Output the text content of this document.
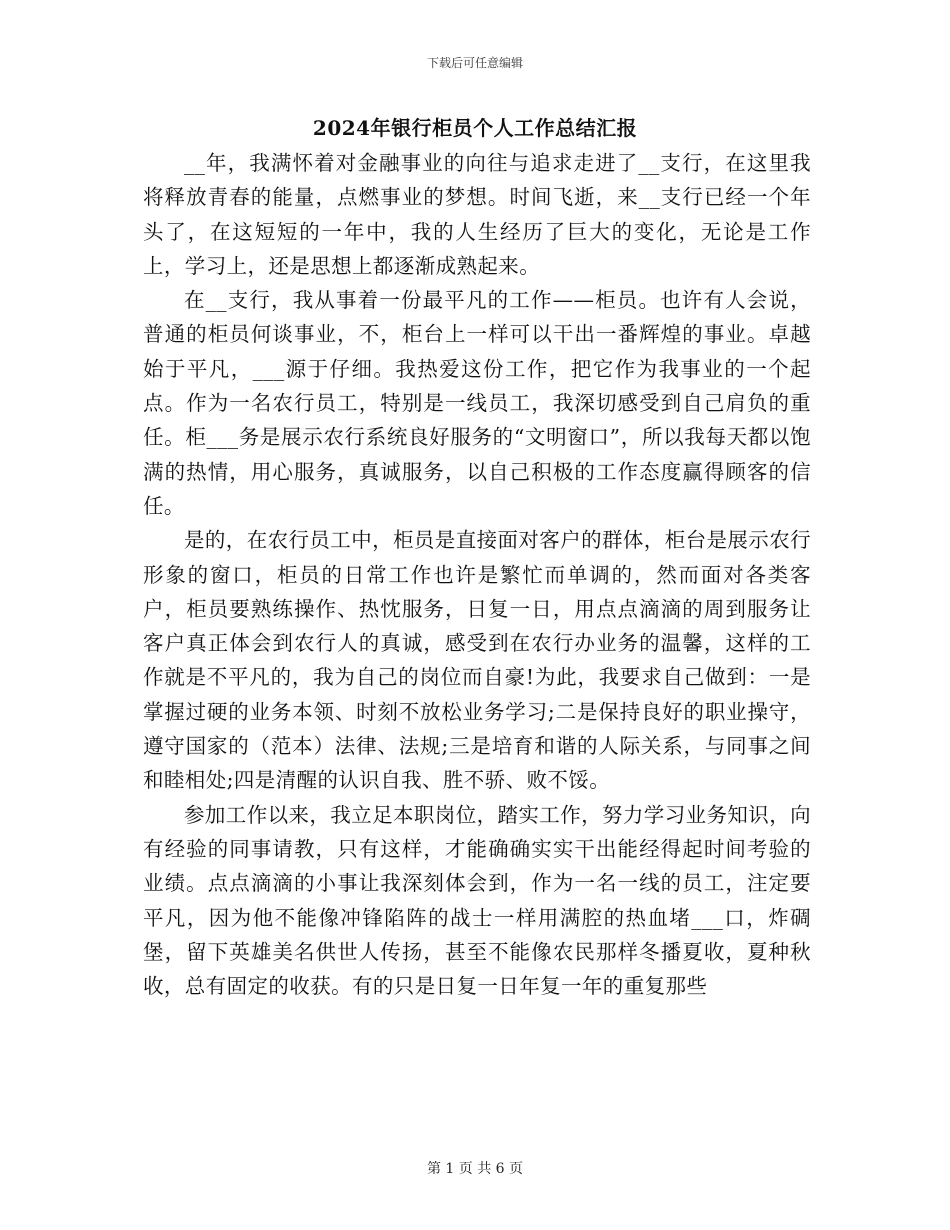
下载后可任意编辑
2024年银行柜员个人工作总结汇报

__年，我满怀着对金融事业的向往与追求走进了__支行，在这里我将释放青春的能量，点燃事业的梦想。时间飞逝，来__支行已经一个年头了，在这短短的一年中，我的人生经历了巨大的变化，无论是工作上，学习上，还是思想上都逐渐成熟起来。

在__支行，我从事着一份最平凡的工作——柜员。也许有人会说，普通的柜员何谈事业，不，柜台上一样可以干出一番辉煌的事业。卓越始于平凡，___源于仔细。我热爱这份工作，把它作为我事业的一个起点。作为一名农行员工，特别是一线员工，我深切感受到自己肩负的重任。柜___务是展示农行系统良好服务的“文明窗口”，所以我每天都以饱满的热情，用心服务，真诚服务，以自己积极的工作态度赢得顾客的信任。

是的，在农行员工中，柜员是直接面对客户的群体，柜台是展示农行形象的窗口，柜员的日常工作也许是繁忙而单调的，然而面对各类客户，柜员要熟练操作、热忱服务，日复一日，用点点滴滴的周到服务让客户真正体会到农行人的真诚，感受到在农行办业务的温馨，这样的工作就是不平凡的，我为自己的岗位而自豪!为此，我要求自己做到：一是掌握过硬的业务本领、时刻不放松业务学习;二是保持良好的职业操守，遵守国家的（范本）法律、法规;三是培育和谐的人际关系，与同事之间和睦相处;四是清醒的认识自我、胜不骄、败不馁。

参加工作以来，我立足本职岗位，踏实工作，努力学习业务知识，向有经验的同事请教，只有这样，才能确确实实干出能经得起时间考验的业绩。点点滴滴的小事让我深刻体会到，作为一名一线的员工，注定要平凡，因为他不能像冲锋陷阵的战士一样用满腔的热血堵___口，炸碉堡，留下英雄美名供世人传扬，甚至不能像农民那样冬播夏收，夏种秋收，总有固定的收获。有的只是日复一日年复一年的重复那些

第 1 页 共 6 页
